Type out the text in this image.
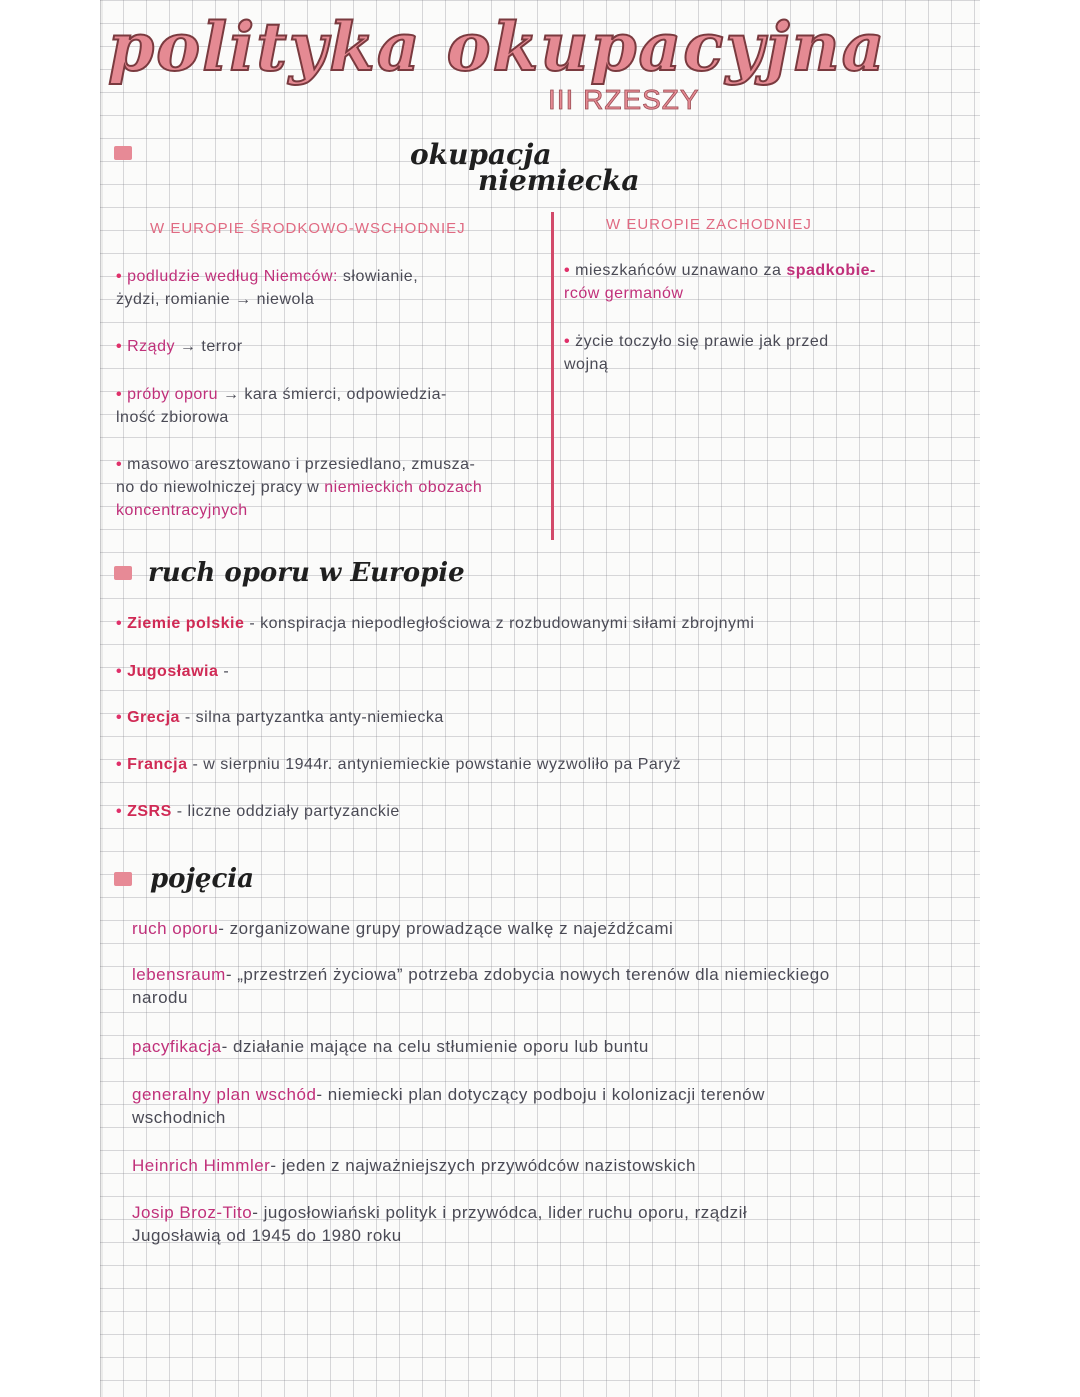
polityka okupacyjna
III RZESZY
okupacja
niemiecka
W EUROPIE ŚRODKOWO-WSCHODNIEJ	W EUROPIE ZACHODNIEJ
• podludzie według Niemców: słowianie,
żydzi, romianie → niewola
• Rządy → terror
• próby oporu → kara śmierci, odpowiedzia-
lność zbiorowa
• masowo aresztowano i przesiedlano, zmusza-
no do niewolniczej pracy w niemieckich obozach
koncentracyjnych
• mieszkańców uznawano za spadkobie-
rców germanów
• życie toczyło się prawie jak przed
wojną
ruch oporu w Europie
• Ziemie polskie - konspiracja niepodległościowa z rozbudowanymi siłami zbrojnymi
• Jugosławia -
• Grecja - silna partyzantka anty-niemiecka
• Francja - w sierpniu 1944r. antyniemieckie powstanie wyzwoliło pa Paryż
• ZSRS - liczne oddziały partyzanckie
pojęcia
ruch oporu- zorganizowane grupy prowadzące walkę z najeźdźcami
lebensraum- „przestrzeń życiowa” potrzeba zdobycia nowych terenów dla niemieckiego
narodu
pacyfikacja- działanie mające na celu stłumienie oporu lub buntu
generalny plan wschód- niemiecki plan dotyczący podboju i kolonizacji terenów
wschodnich
Heinrich Himmler- jeden z najważniejszych przywódców nazistowskich
Josip Broz-Tito- jugosłowiański polityk i przywódca, lider ruchu oporu, rządził
Jugosławią od 1945 do 1980 roku
